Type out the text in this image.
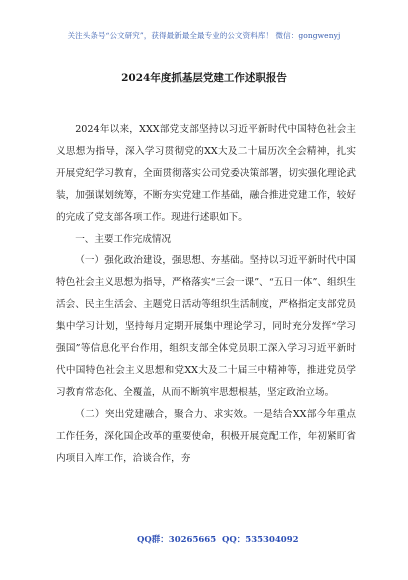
关注头条号“公文研究”，获得最新最全最专业的公文资料库！ 微信：gongwenyj
2024年度抓基层党建工作述职报告

2024年以来，XXX部党支部坚持以习近平新时代中国特色社会主义思想为指导，深入学习贯彻党的XX大及二十届历次全会精神，扎实开展党纪学习教育，全面贯彻落实公司党委决策部署，切实强化理论武装，加强谋划统筹，不断夯实党建工作基础，融合推进党建工作，较好的完成了党支部各项工作。现进行述职如下。

一、主要工作完成情况

（一）强化政治建设，强思想、夯基础。坚持以习近平新时代中国特色社会主义思想为指导，严格落实“三会一课”、“五日一体”、组织生活会、民主生活会、主题党日活动等组织生活制度，严格指定支部党员集中学习计划，坚持每月定期开展集中理论学习，同时充分发挥“学习强国”等信息化平台作用，组织支部全体党员职工深入学习习近平新时代中国特色社会主义思想和党XX大及二十届三中精神等，推进党员学习教育常态化、全覆盖，从而不断筑牢思想根基，坚定政治立场。

（二）突出党建融合，聚合力、求实效。一是结合XX部今年重点工作任务，深化国企改革的重要使命，积极开展竞配工作，年初紧盯省内项目入库工作，洽谈合作，夯

QQ群：30265665 QQ：535304092
